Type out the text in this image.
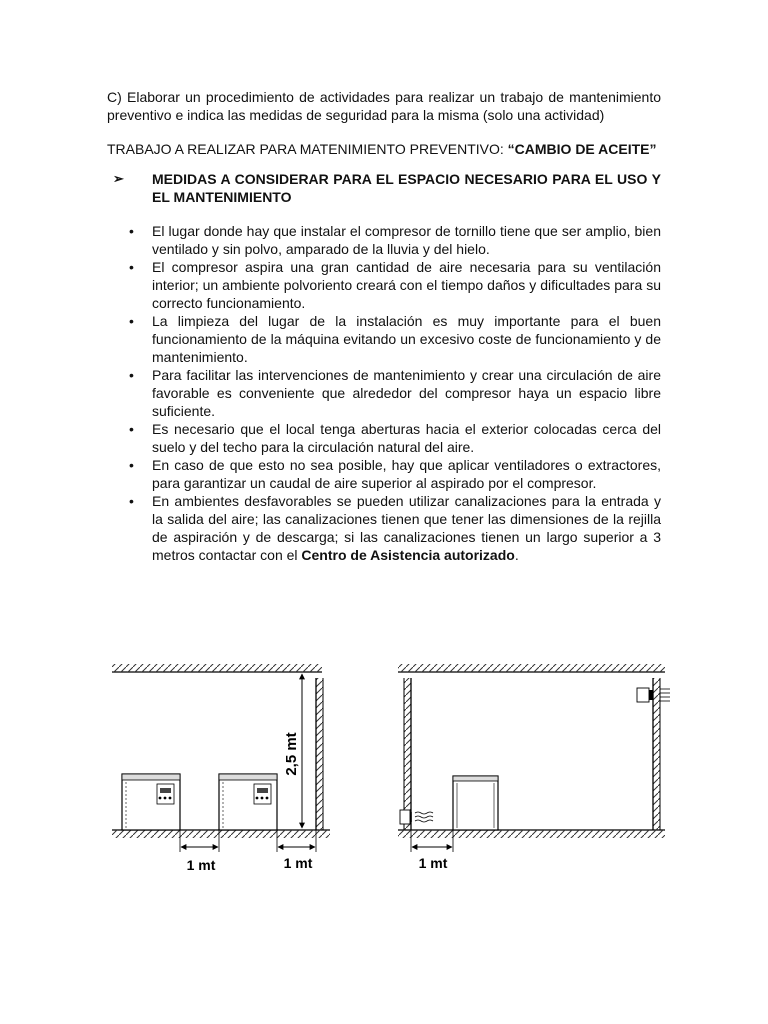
C) Elaborar un procedimiento de actividades para realizar un trabajo de mantenimiento preventivo e indica las medidas de seguridad para la misma (solo una actividad)

TRABAJO A REALIZAR PARA MATENIMIENTO PREVENTIVO: “CAMBIO DE ACEITE”

➢	MEDIDAS A CONSIDERAR PARA EL ESPACIO NECESARIO PARA EL USO Y EL MANTENIMIENTO
•	El lugar donde hay que instalar el compresor de tornillo tiene que ser amplio, bien ventilado y sin polvo, amparado de la lluvia y del hielo.
•	El compresor aspira una gran cantidad de aire necesaria para su ventilación interior; un ambiente polvoriento creará con el tiempo daños y dificultades para su correcto funcionamiento.
•	La limpieza del lugar de la instalación es muy importante para el buen funcionamiento de la máquina evitando un excesivo coste de funcionamiento y de mantenimiento.
•	Para facilitar las intervenciones de mantenimiento y crear una circulación de aire favorable es conveniente que alrededor del compresor haya un espacio libre suficiente.
•	Es necesario que el local tenga aberturas hacia el exterior colocadas cerca del suelo y del techo para la circulación natural del aire.
•	En caso de que esto no sea posible, hay que aplicar ventiladores o extractores, para garantizar un caudal de aire superior al aspirado por el compresor.
•	En ambientes desfavorables se pueden utilizar canalizaciones para la entrada y la salida del aire; las canalizaciones tienen que tener las dimensiones de la rejilla de aspiración y de descarga; si las canalizaciones tienen un largo superior a 3 metros contactar con el Centro de Asistencia autorizado.
2,5 mt
1 mt	1 mt	1 mt
